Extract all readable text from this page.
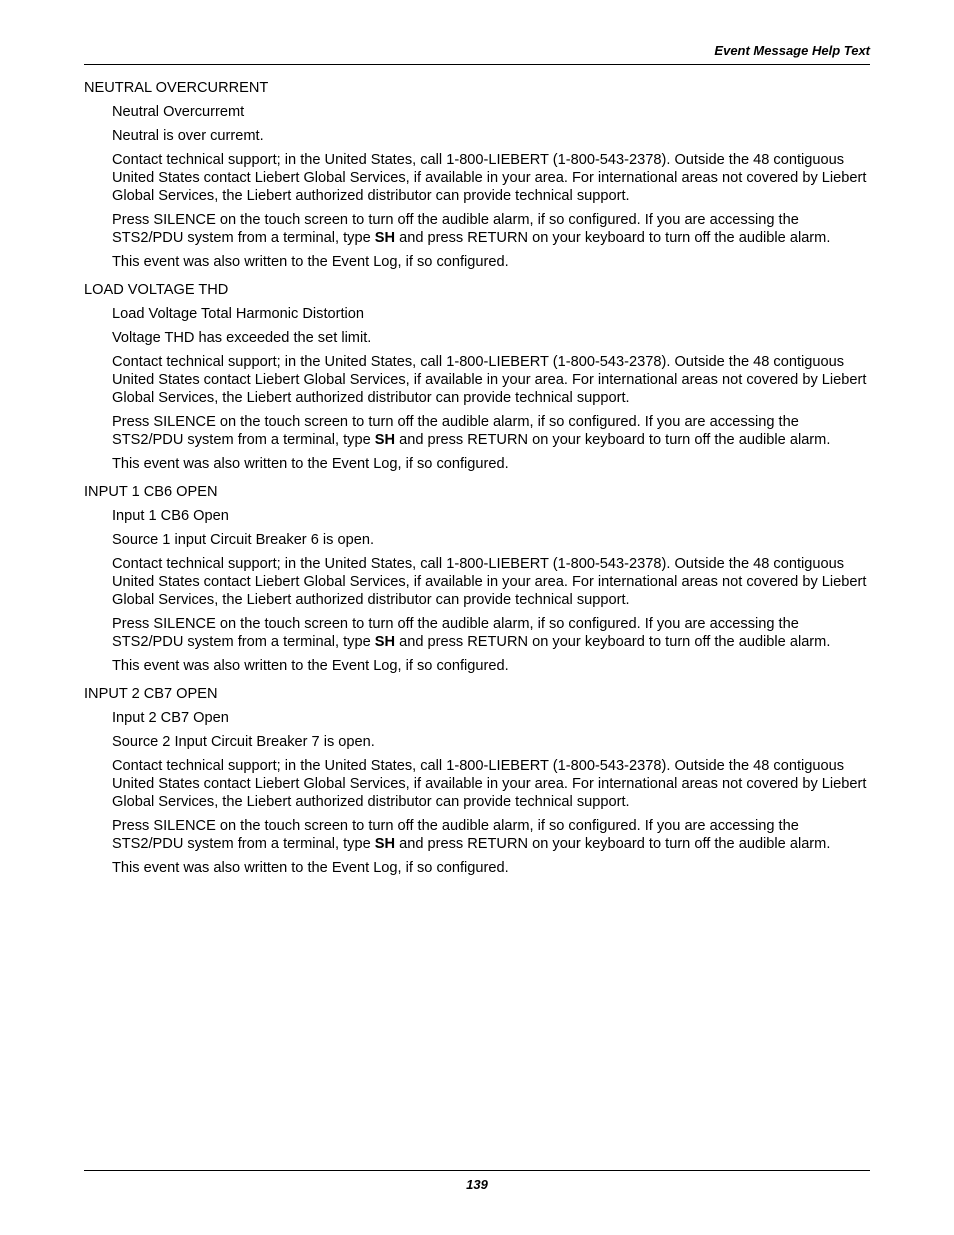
Event Message Help Text

NEUTRAL OVERCURRENT

Neutral Overcurremt

Neutral is over curremt.

Contact technical support; in the United States, call 1-800-LIEBERT (1-800-543-2378). Outside the 48 contiguous United States contact Liebert Global Services, if available in your area. For international areas not covered by Liebert Global Services, the Liebert authorized distributor can provide technical support.

Press SILENCE on the touch screen to turn off the audible alarm, if so configured. If you are accessing the STS2/PDU system from a terminal, type SH and press RETURN on your keyboard to turn off the audible alarm.

This event was also written to the Event Log, if so configured.

LOAD VOLTAGE THD

Load Voltage Total Harmonic Distortion

Voltage THD has exceeded the set limit.

Contact technical support; in the United States, call 1-800-LIEBERT (1-800-543-2378). Outside the 48 contiguous United States contact Liebert Global Services, if available in your area. For international areas not covered by Liebert Global Services, the Liebert authorized distributor can provide technical support.

Press SILENCE on the touch screen to turn off the audible alarm, if so configured. If you are accessing the STS2/PDU system from a terminal, type SH and press RETURN on your keyboard to turn off the audible alarm.

This event was also written to the Event Log, if so configured.

INPUT 1 CB6 OPEN

Input 1 CB6 Open

Source 1 input Circuit Breaker 6 is open.

Contact technical support; in the United States, call 1-800-LIEBERT (1-800-543-2378). Outside the 48 contiguous United States contact Liebert Global Services, if available in your area. For international areas not covered by Liebert Global Services, the Liebert authorized distributor can provide technical support.

Press SILENCE on the touch screen to turn off the audible alarm, if so configured. If you are accessing the STS2/PDU system from a terminal, type SH and press RETURN on your keyboard to turn off the audible alarm.

This event was also written to the Event Log, if so configured.

INPUT 2 CB7 OPEN

Input 2 CB7 Open

Source 2 Input Circuit Breaker 7 is open.

Contact technical support; in the United States, call 1-800-LIEBERT (1-800-543-2378). Outside the 48 contiguous United States contact Liebert Global Services, if available in your area. For international areas not covered by Liebert Global Services, the Liebert authorized distributor can provide technical support.

Press SILENCE on the touch screen to turn off the audible alarm, if so configured. If you are accessing the STS2/PDU system from a terminal, type SH and press RETURN on your keyboard to turn off the audible alarm.

This event was also written to the Event Log, if so configured.

139
